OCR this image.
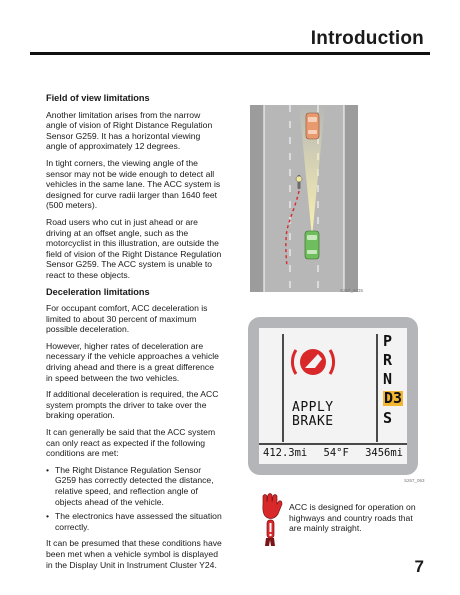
Introduction
Field of view limitations

Another limitation arises from the narrow angle of vision of Right Distance Regulation Sensor G259. It has a horizontal viewing angle of approximately 12 degrees.

In tight corners, the viewing angle of the sensor may not be wide enough to detect all vehicles in the same lane. The ACC system is designed for curve radii larger than 1640 feet (500 meters).

Road users who cut in just ahead or are driving at an offset angle, such as the motorcyclist in this illustration, are outside the field of vision of the Right Distance Regulation Sensor G259. The ACC system is unable to react to these objects.

Deceleration limitations

For occupant comfort, ACC deceleration is limited to about 30 percent of maximum possible deceleration.

However, higher rates of deceleration are necessary if the vehicle approaches a vehicle driving ahead and there is a great difference in speed between the two vehicles.

If additional deceleration is required, the ACC system prompts the driver to take over the braking operation.

It can generally be said that the ACC system can only react as expected if the following conditions are met:

• The Right Distance Regulation Sensor G259 has correctly detected the distance, relative speed, and reflection angle of objects ahead of the vehicle.
• The electronics have assessed the situation correctly.

It can be presumed that these conditions have been met when a vehicle symbol is displayed in the Display Unit in Instrument Cluster Y24.

S267_6035
P
R
N
D3
S
APPLY
BRAKE
412.3mi 54°F 3456mi
S267_063
ACC is designed for operation on highways and country roads that are mainly straight.
7
